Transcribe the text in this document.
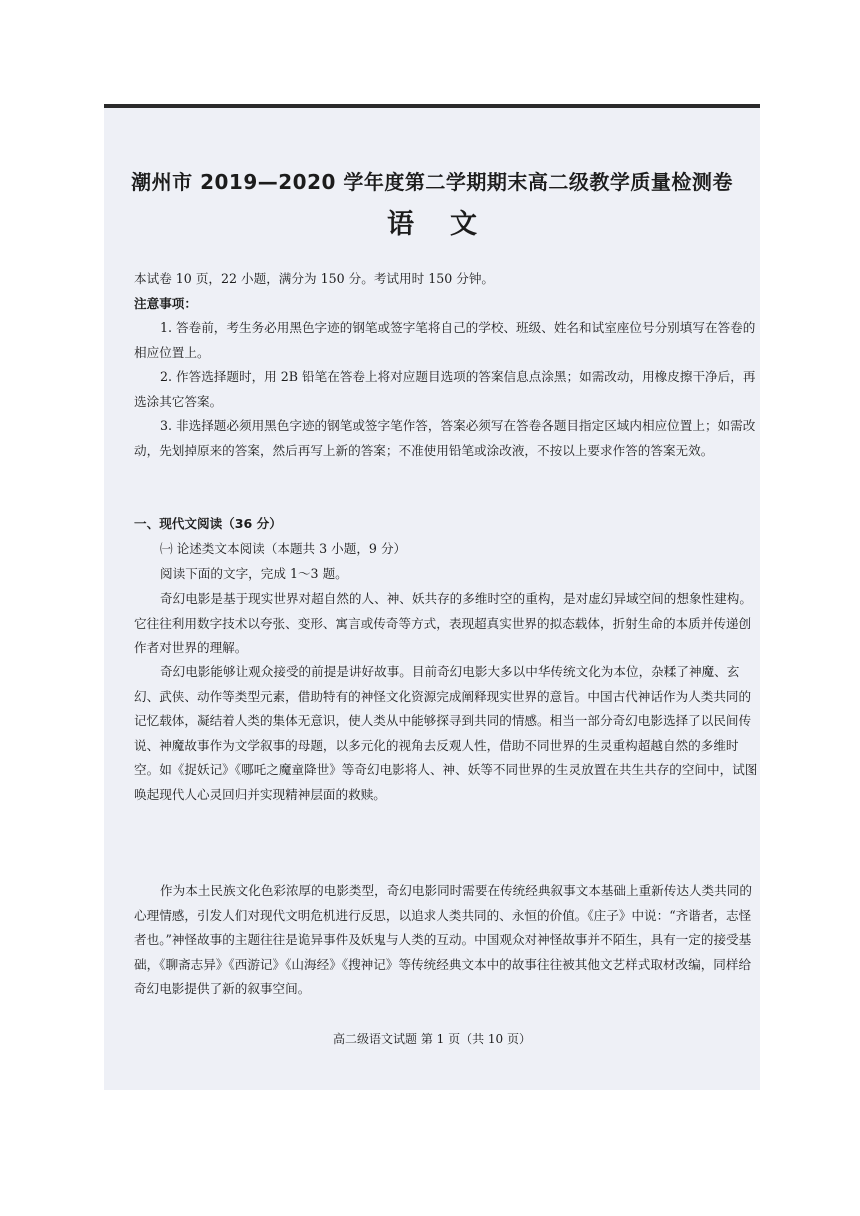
潮州市 2019—2020 学年度第二学期期末高二级教学质量检测卷
语文

本试卷 10 页，22 小题，满分为 150 分。考试用时 150 分钟。

注意事项：

1. 答卷前，考生务必用黑色字迹的钢笔或签字笔将自己的学校、班级、姓名和试室座位号分别填写在答卷的相应位置上。

2. 作答选择题时，用 2B 铅笔在答卷上将对应题目选项的答案信息点涂黑；如需改动，用橡皮擦干净后，再选涂其它答案。

3. 非选择题必须用黑色字迹的钢笔或签字笔作答，答案必须写在答卷各题目指定区域内相应位置上；如需改动，先划掉原来的答案，然后再写上新的答案；不准使用铅笔或涂改液，不按以上要求作答的答案无效。

一、现代文阅读（36 分）

㈠ 论述类文本阅读（本题共 3 小题，9 分）

阅读下面的文字，完成 1～3 题。

奇幻电影是基于现实世界对超自然的人、神、妖共存的多维时空的重构，是对虚幻异域空间的想象性建构。它往往利用数字技术以夸张、变形、寓言或传奇等方式，表现超真实世界的拟态载体，折射生命的本质并传递创作者对世界的理解。

奇幻电影能够让观众接受的前提是讲好故事。目前奇幻电影大多以中华传统文化为本位，杂糅了神魔、玄幻、武侠、动作等类型元素，借助特有的神怪文化资源完成阐释现实世界的意旨。中国古代神话作为人类共同的记忆载体，凝结着人类的集体无意识，使人类从中能够探寻到共同的情感。相当一部分奇幻电影选择了以民间传说、神魔故事作为文学叙事的母题，以多元化的视角去反观人性，借助不同世界的生灵重构超越自然的多维时空。如《捉妖记》《哪吒之魔童降世》等奇幻电影将人、神、妖等不同世界的生灵放置在共生共存的空间中，试图唤起现代人心灵回归并实现精神层面的救赎。

作为本土民族文化色彩浓厚的电影类型，奇幻电影同时需要在传统经典叙事文本基础上重新传达人类共同的心理情感，引发人们对现代文明危机进行反思，以追求人类共同的、永恒的价值。《庄子》中说：“齐谐者，志怪者也。”神怪故事的主题往往是诡异事件及妖鬼与人类的互动。中国观众对神怪故事并不陌生，具有一定的接受基础，《聊斋志异》《西游记》《山海经》《搜神记》等传统经典文本中的故事往往被其他文艺样式取材改编，同样给奇幻电影提供了新的叙事空间。

高二级语文试题 第 1 页（共 10 页）
